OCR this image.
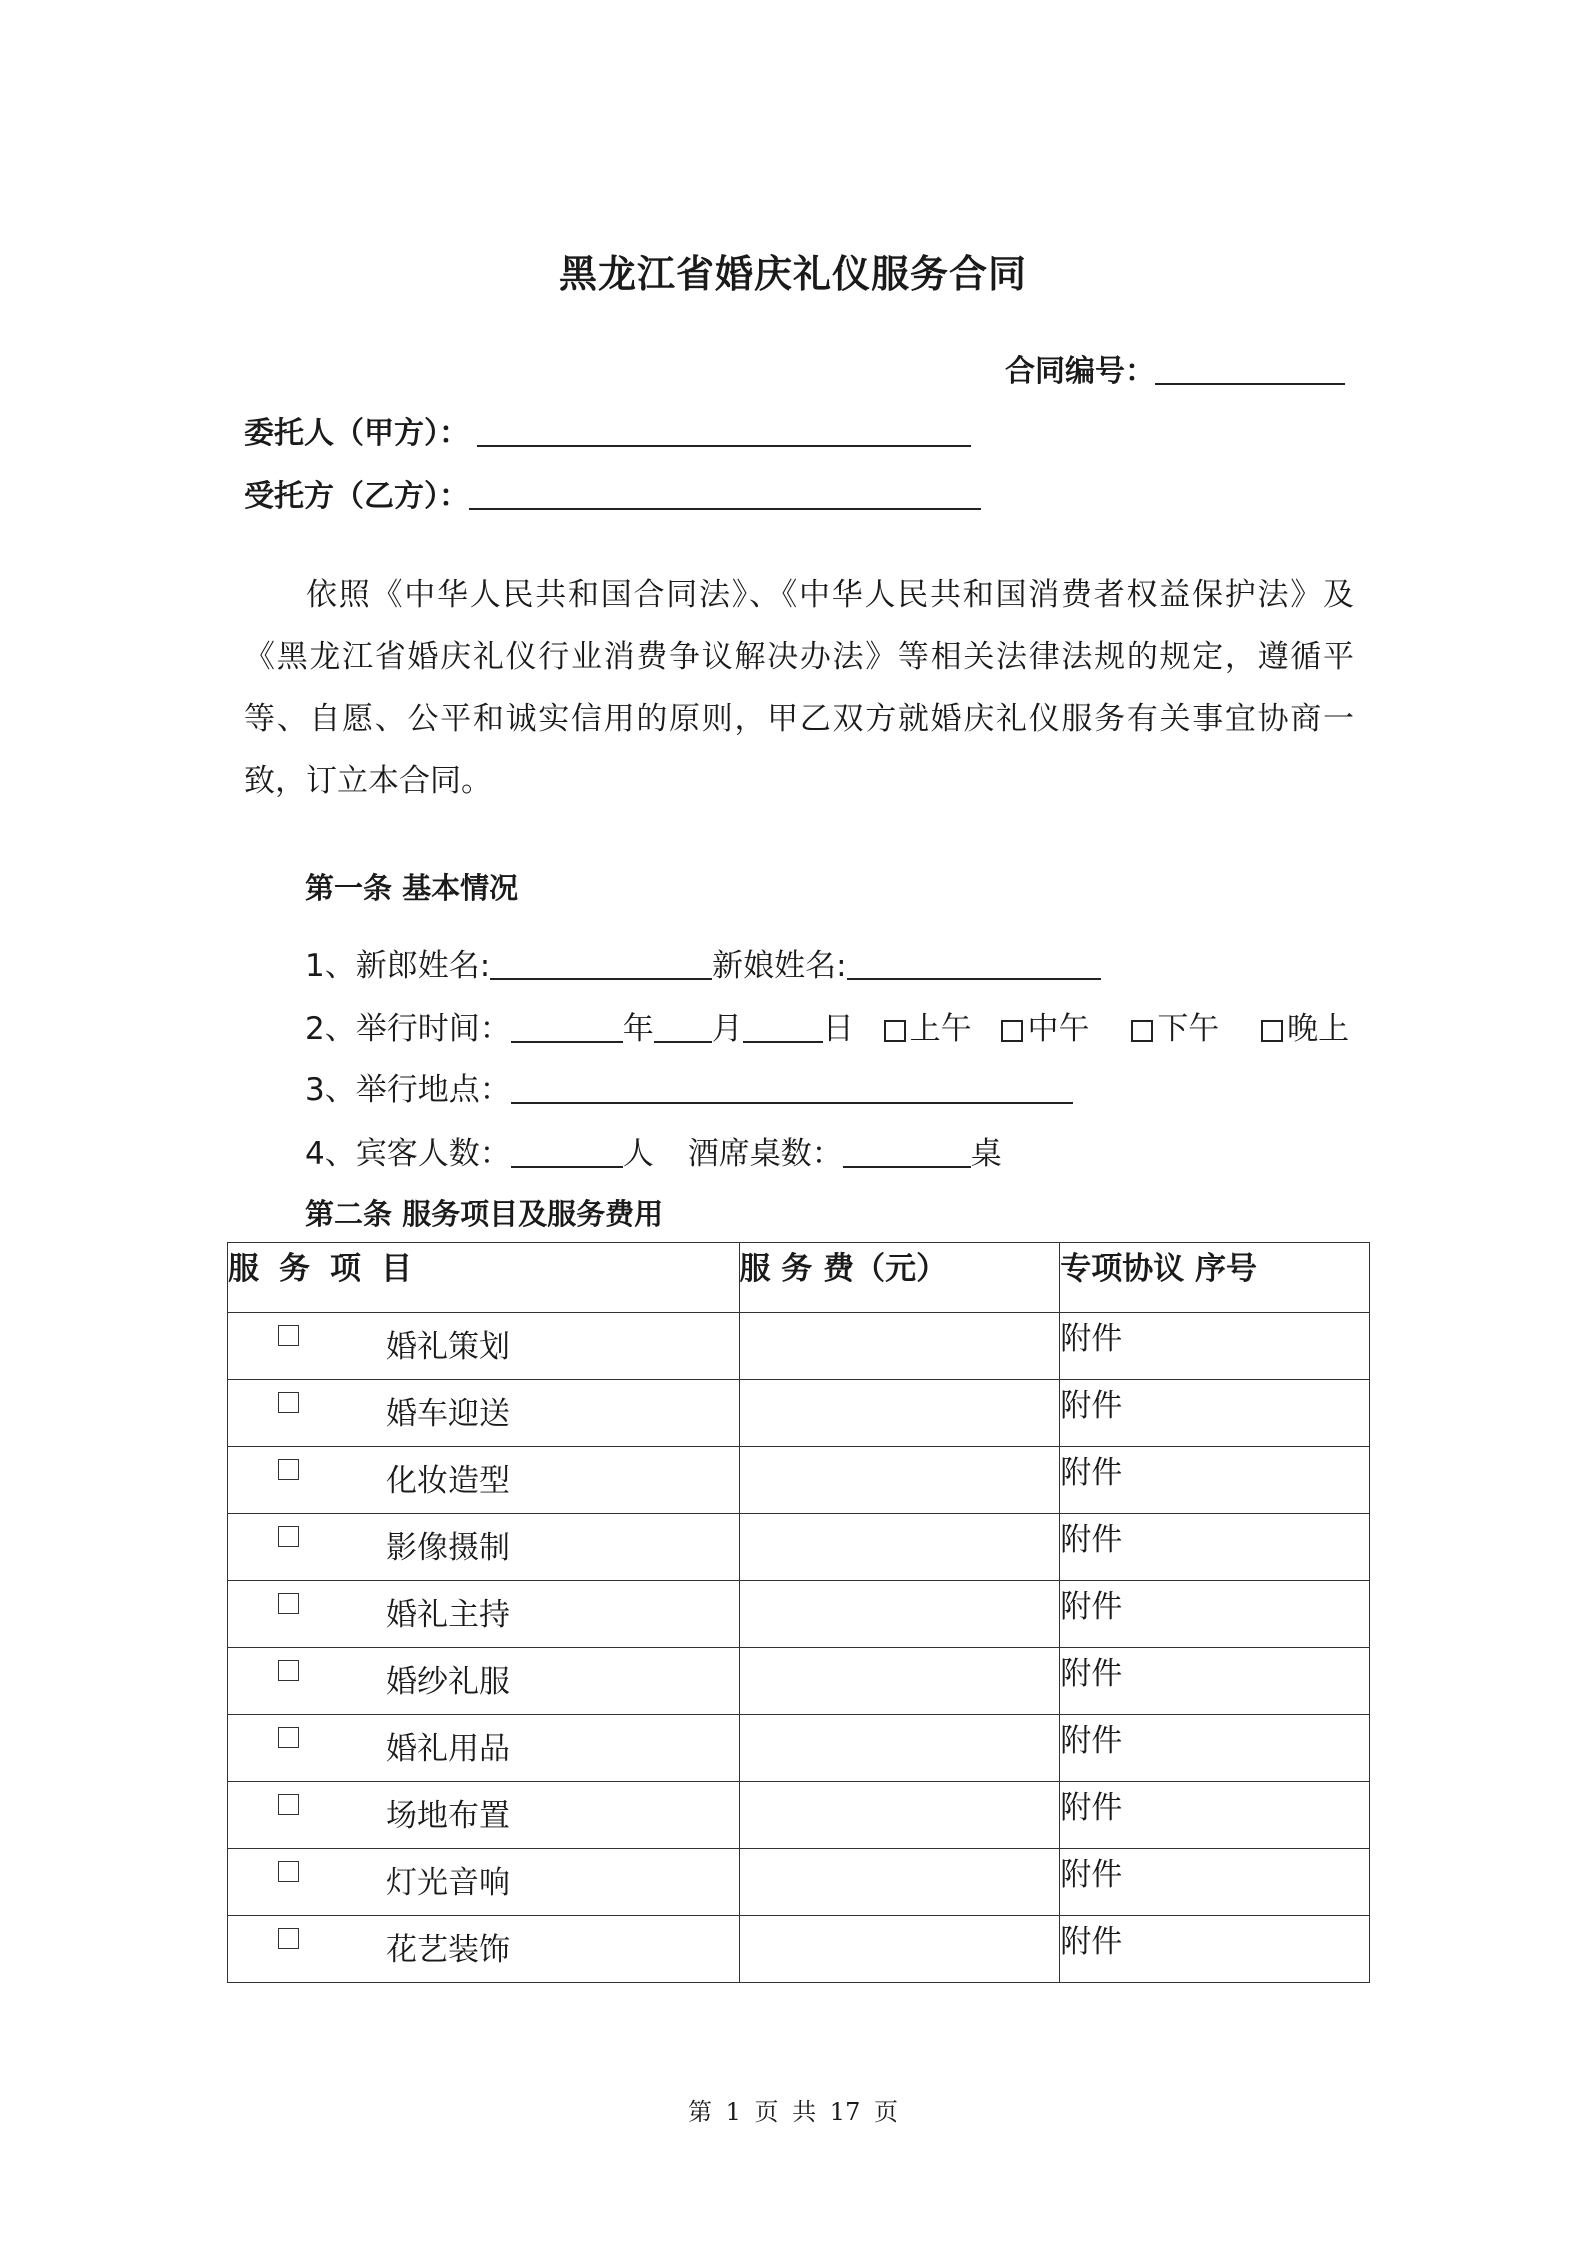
黑龙江省婚庆礼仪服务合同
合同编号：
委托人（甲方）：
受托方（乙方）：

依照《中华人民共和国合同法》、《中华人民共和国消费者权益保护法》及《黑龙江省婚庆礼仪行业消费争议解决办法》等相关法律法规的规定，遵循平等、自愿、公平和诚实信用的原则，甲乙双方就婚庆礼仪服务有关事宜协商一致，订立本合同。

第一条 基本情况
1、新郎姓名:	新娘姓名:
2、举行时间：	年 月	日 上午 中午 下午 晚上
3、举行地点：
4、宾客人数：	人 酒席桌数：	桌
第二条 服务项目及服务费用
服务项目	服 务 费（元）	专项协议 序号

婚礼策划		附件

婚车迎送		附件

化妆造型		附件

影像摄制		附件

婚礼主持		附件

婚纱礼服		附件

婚礼用品		附件

场地布置		附件

灯光音响		附件

花艺装饰		附件
第 1 页 共 17 页
